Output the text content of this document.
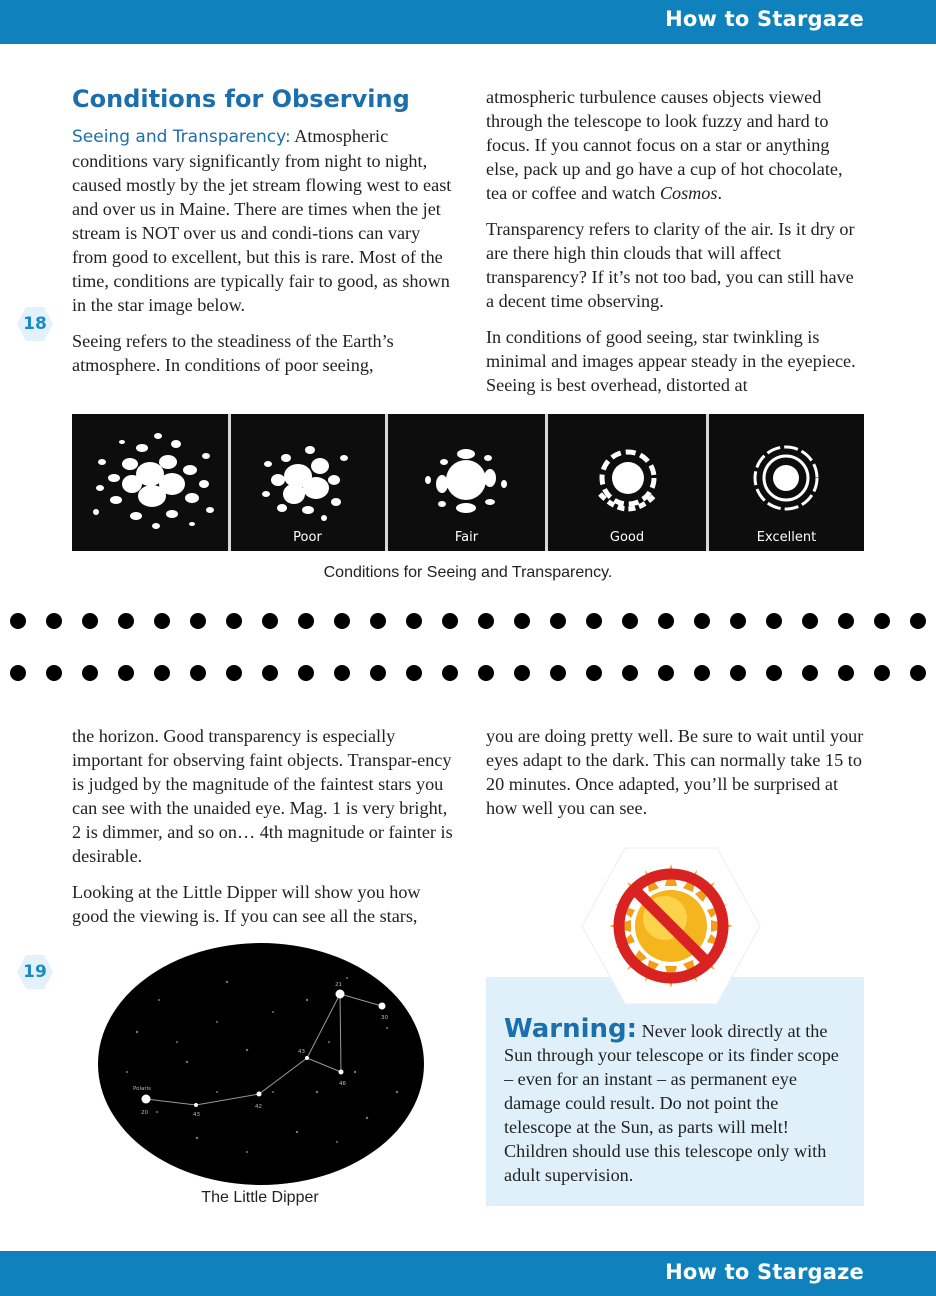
How to Stargaze
18
Conditions for Observing

Seeing and Transparency: Atmospheric conditions vary significantly from night to night, caused mostly by the jet stream flowing west to east and over us in Maine. There are times when the jet stream is NOT over us and condi-tions can vary from good to excellent, but this is rare. Most of the time, conditions are typically fair to good, as shown in the star image below.

Seeing refers to the steadiness of the Earth’s atmosphere. In conditions of poor seeing,

atmospheric turbulence causes objects viewed through the telescope to look fuzzy and hard to focus. If you cannot focus on a star or anything else, pack up and go have a cup of hot chocolate, tea or coffee and watch Cosmos.

Transparency refers to clarity of the air. Is it dry or are there high thin clouds that will affect transparency? If it’s not too bad, you can still have a decent time observing.

In conditions of good seeing, star twinkling is minimal and images appear steady in the eyepiece. Seeing is best overhead, distorted at

Poor	Fair	Good	Excellent
Conditions for Seeing and Transparency.

the horizon. Good transparency is especially important for observing faint objects. Transpar-ency is judged by the magnitude of the faintest stars you can see with the unaided eye. Mag. 1 is very bright, 2 is dimmer, and so on… 4th magnitude or fainter is desirable.

Looking at the Little Dipper will show you how good the viewing is. If you can see all the stars,

you are doing pretty well. Be sure to wait until your eyes adapt to the dark. This can normally take 15 to 20 minutes. Once adapted, you’ll be surprised at how well you can see.

19
Polaris
20	43
42
43
46
21
30
The Little Dipper
Warning: Never look directly at the Sun through your telescope or its finder scope – even for an instant – as permanent eye damage could result. Do not point the telescope at the Sun, as parts will melt! Children should use this telescope only with adult supervision.
How to Stargaze
